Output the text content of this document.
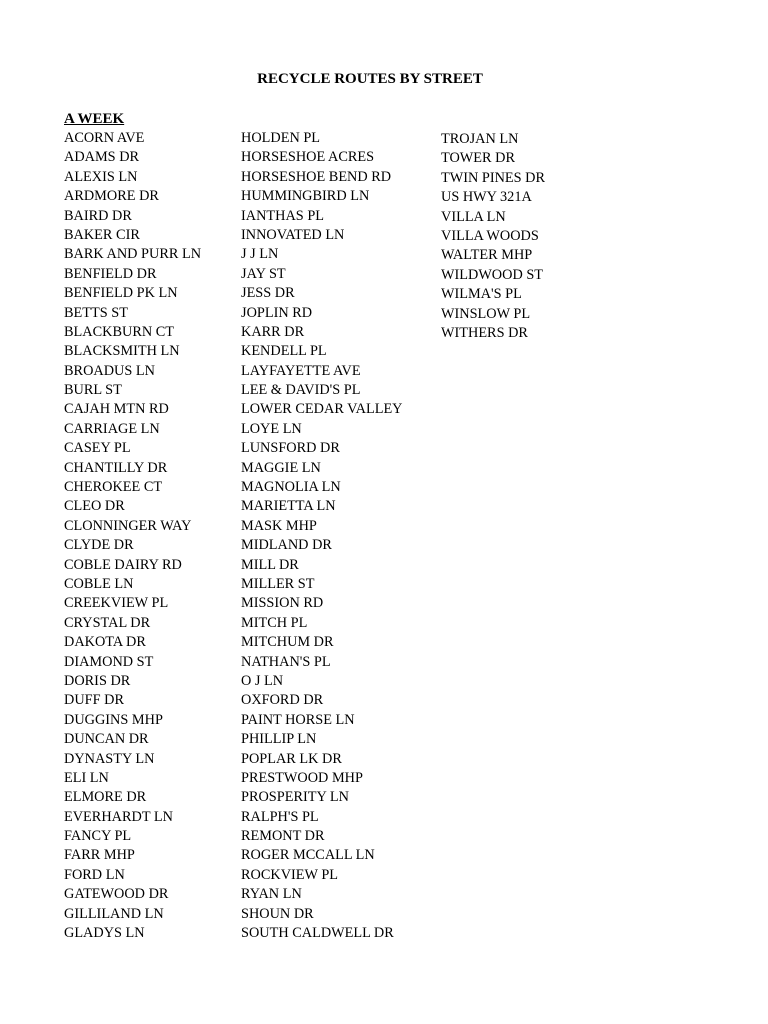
RECYCLE ROUTES BY STREET
A WEEK
ACORN AVE
ADAMS DR
ALEXIS LN
ARDMORE DR
BAIRD DR
BAKER CIR
BARK AND PURR LN
BENFIELD DR
BENFIELD PK LN
BETTS ST
BLACKBURN CT
BLACKSMITH LN
BROADUS LN
BURL ST
CAJAH MTN RD
CARRIAGE LN
CASEY PL
CHANTILLY DR
CHEROKEE CT
CLEO DR
CLONNINGER WAY
CLYDE DR
COBLE DAIRY RD
COBLE LN
CREEKVIEW PL
CRYSTAL DR
DAKOTA DR
DIAMOND ST
DORIS DR
DUFF DR
DUGGINS MHP
DUNCAN DR
DYNASTY LN
ELI LN
ELMORE DR
EVERHARDT LN
FANCY PL
FARR MHP
FORD LN
GATEWOOD DR
GILLILAND LN
GLADYS LN
HOLDEN PL
HORSESHOE ACRES
HORSESHOE BEND RD
HUMMINGBIRD LN
IANTHAS PL
INNOVATED LN
J J LN
JAY ST
JESS DR
JOPLIN RD
KARR DR
KENDELL PL
LAYFAYETTE AVE
LEE & DAVID'S PL
LOWER CEDAR VALLEY
LOYE LN
LUNSFORD DR
MAGGIE LN
MAGNOLIA LN
MARIETTA LN
MASK MHP
MIDLAND DR
MILL DR
MILLER ST
MISSION RD
MITCH PL
MITCHUM DR
NATHAN'S PL
O J LN
OXFORD DR
PAINT HORSE LN
PHILLIP LN
POPLAR LK DR
PRESTWOOD MHP
PROSPERITY LN
RALPH'S PL
REMONT DR
ROGER MCCALL LN
ROCKVIEW PL
RYAN LN
SHOUN DR
SOUTH CALDWELL DR
TROJAN LN
TOWER DR
TWIN PINES DR
US HWY 321A
VILLA LN
VILLA WOODS
WALTER MHP
WILDWOOD ST
WILMA'S PL
WINSLOW PL
WITHERS DR
